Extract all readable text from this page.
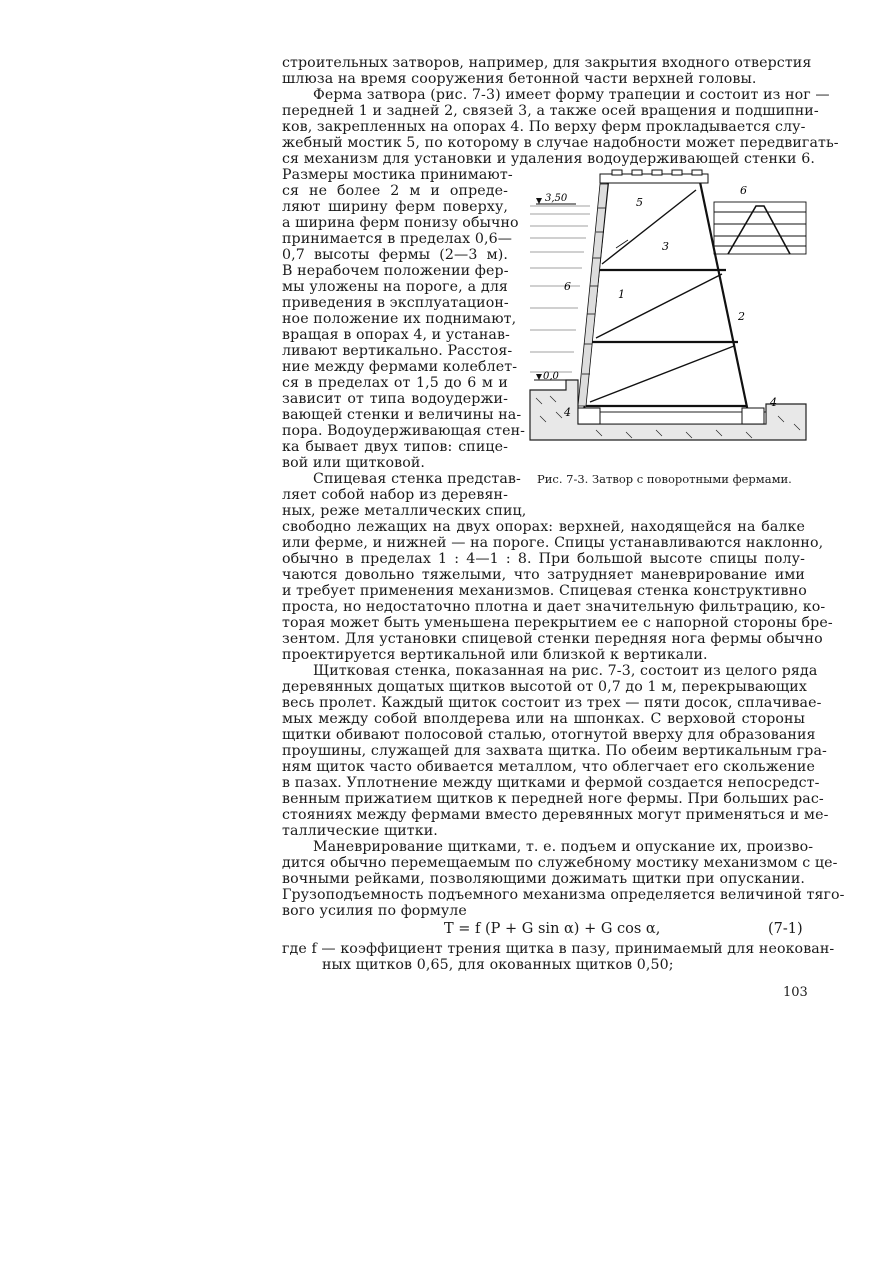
строительных затворов, например, для закрытия входного отверстия
шлюза на время сооружения бетонной части верхней головы.
Ферма затвора (рис. 7-3) имеет форму трапеции и состоит из ног —
передней 1 и задней 2, связей 3, а также осей вращения и подшипни-
ков, закрепленных на опорах 4. По верху ферм прокладывается слу-
жебный мостик 5, по которому в случае надобности может передвигать-
ся механизм для установки и удаления водоудерживающей стенки 6.
Размеры мостика принимают-
ся не более 2 м и опреде-
ляют ширину ферм поверху,
а ширина ферм понизу обычно
принимается в пределах 0,6—
0,7 высоты фермы (2—3 м).
В нерабочем положении фер-
мы уложены на пороге, а для
приведения в эксплуатацион-
ное положение их поднимают,
вращая в опорах 4, и устанав-
ливают вертикально. Расстоя-
ние между фермами колеблет-
ся в пределах от 1,5 до 6 м и
зависит от типа водоудержи-
вающей стенки и величины на-
пора. Водоудерживающая стен-
ка бывает двух типов: спице-
вой или щитковой.
Спицевая стенка представ-
ляет собой набор из деревян-
ных, реже металлических спиц,
3,50
0,0
6
5
3
6
1
2
4
4
Рис. 7-3. Затвор с поворотными фермами.
свободно лежащих на двух опорах: верхней, находящейся на балке
или ферме, и нижней — на пороге. Спицы устанавливаются наклонно,
обычно в пределах 1 : 4—1 : 8. При большой высоте спицы полу-
чаются довольно тяжелыми, что затрудняет маневрирование ими
и требует применения механизмов. Спицевая стенка конструктивно
проста, но недостаточно плотна и дает значительную фильтрацию, ко-
торая может быть уменьшена перекрытием ее с напорной стороны бре-
зентом. Для установки спицевой стенки передняя нога фермы обычно
проектируется вертикальной или близкой к вертикали.
Щитковая стенка, показанная на рис. 7-3, состоит из целого ряда
деревянных дощатых щитков высотой от 0,7 до 1 м, перекрывающих
весь пролет. Каждый щиток состоит из трех — пяти досок, сплачивае-
мых между собой вполдерева или на шпонках. С верховой стороны
щитки обивают полосовой сталью, отогнутой вверху для образования
проушины, служащей для захвата щитка. По обеим вертикальным гра-
ням щиток часто обивается металлом, что облегчает его скольжение
в пазах. Уплотнение между щитками и фермой создается непосредст-
венным прижатием щитков к передней ноге фермы. При больших рас-
стояниях между фермами вместо деревянных могут применяться и ме-
таллические щитки.
Маневрирование щитками, т. е. подъем и опускание их, произво-
дится обычно перемещаемым по служебному мостику механизмом с це-
вочными рейками, позволяющими дожимать щитки при опускании.
Грузоподъемность подъемного механизма определяется величиной тяго-
вого усилия по формуле
T = f (P + G sin α) + G cos α,	(7-1)
где f — коэффициент трения щитка в пазу, принимаемый для неокован-
ных щитков 0,65, для окованных щитков 0,50;
103
